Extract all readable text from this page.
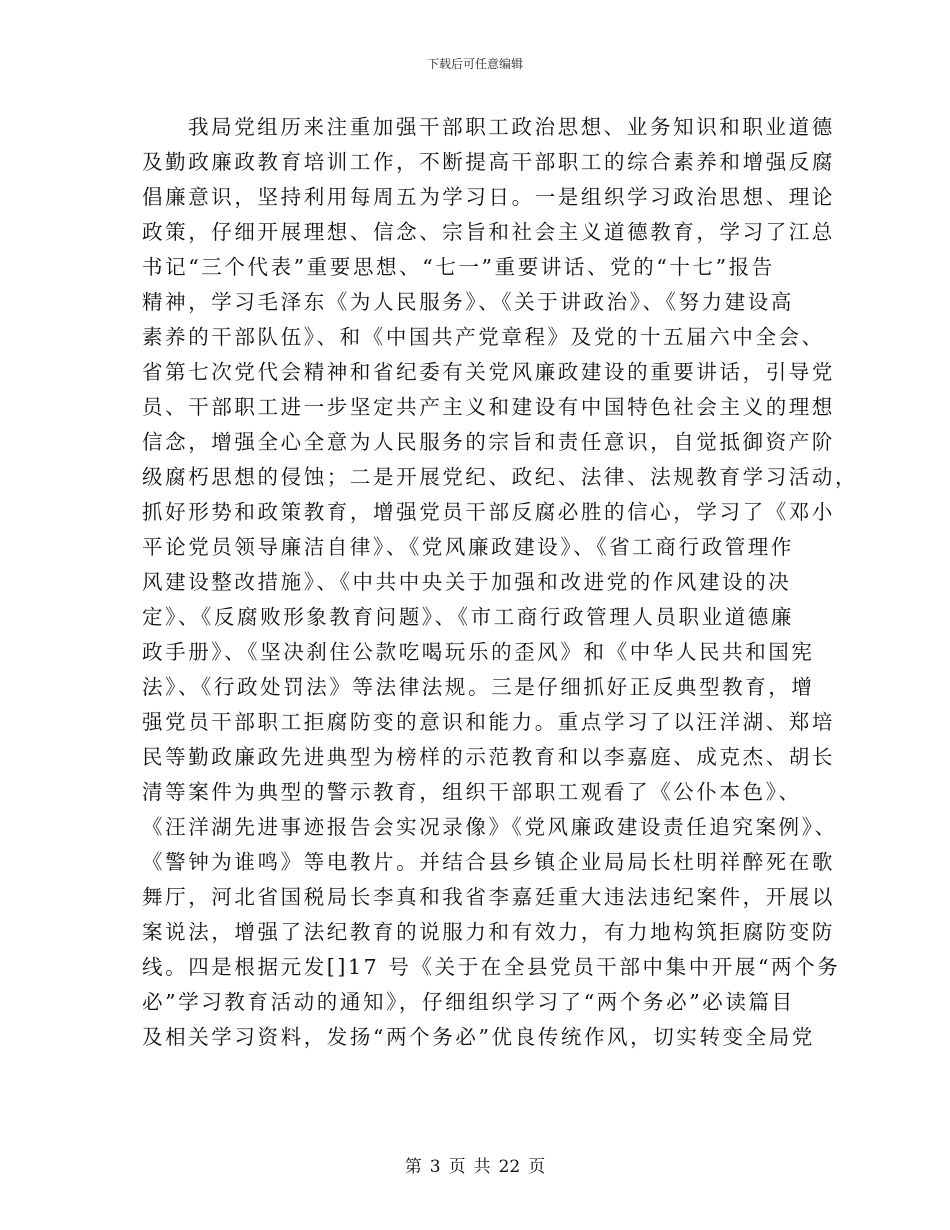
下载后可任意编辑
我局党组历来注重加强干部职工政治思想、业务知识和职业道德
及勤政廉政教育培训工作，不断提高干部职工的综合素养和增强反腐
倡廉意识，坚持利用每周五为学习日。一是组织学习政治思想、理论
政策，仔细开展理想、信念、宗旨和社会主义道德教育，学习了江总
书记“三个代表”重要思想、“七一”重要讲话、党的“十七”报告
精神，学习毛泽东《为人民服务》、《关于讲政治》、《努力建设高
素养的干部队伍》、和《中国共产党章程》及党的十五届六中全会、
省第七次党代会精神和省纪委有关党风廉政建设的重要讲话，引导党
员、干部职工进一步坚定共产主义和建设有中国特色社会主义的理想
信念，增强全心全意为人民服务的宗旨和责任意识，自觉抵御资产阶
级腐朽思想的侵蚀；二是开展党纪、政纪、法律、法规教育学习活动，
抓好形势和政策教育，增强党员干部反腐必胜的信心，学习了《邓小
平论党员领导廉洁自律》、《党风廉政建设》、《省工商行政管理作
风建设整改措施》、《中共中央关于加强和改进党的作风建设的决
定》、《反腐败形象教育问题》、《市工商行政管理人员职业道德廉
政手册》、《坚决刹住公款吃喝玩乐的歪风》和《中华人民共和国宪
法》、《行政处罚法》等法律法规。三是仔细抓好正反典型教育，增
强党员干部职工拒腐防变的意识和能力。重点学习了以汪洋湖、郑培
民等勤政廉政先进典型为榜样的示范教育和以李嘉庭、成克杰、胡长
清等案件为典型的警示教育，组织干部职工观看了《公仆本色》、
《汪洋湖先进事迹报告会实况录像》《党风廉政建设责任追究案例》、
《警钟为谁鸣》等电教片。并结合县乡镇企业局局长杜明祥醉死在歌
舞厅，河北省国税局长李真和我省李嘉廷重大违法违纪案件，开展以
案说法，增强了法纪教育的说服力和有效力，有力地构筑拒腐防变防
线。四是根据元发[]17 号《关于在全县党员干部中集中开展“两个务
必”学习教育活动的通知》，仔细组织学习了“两个务必”必读篇目
及相关学习资料，发扬“两个务必”优良传统作风，切实转变全局党
第 3 页 共 22 页
